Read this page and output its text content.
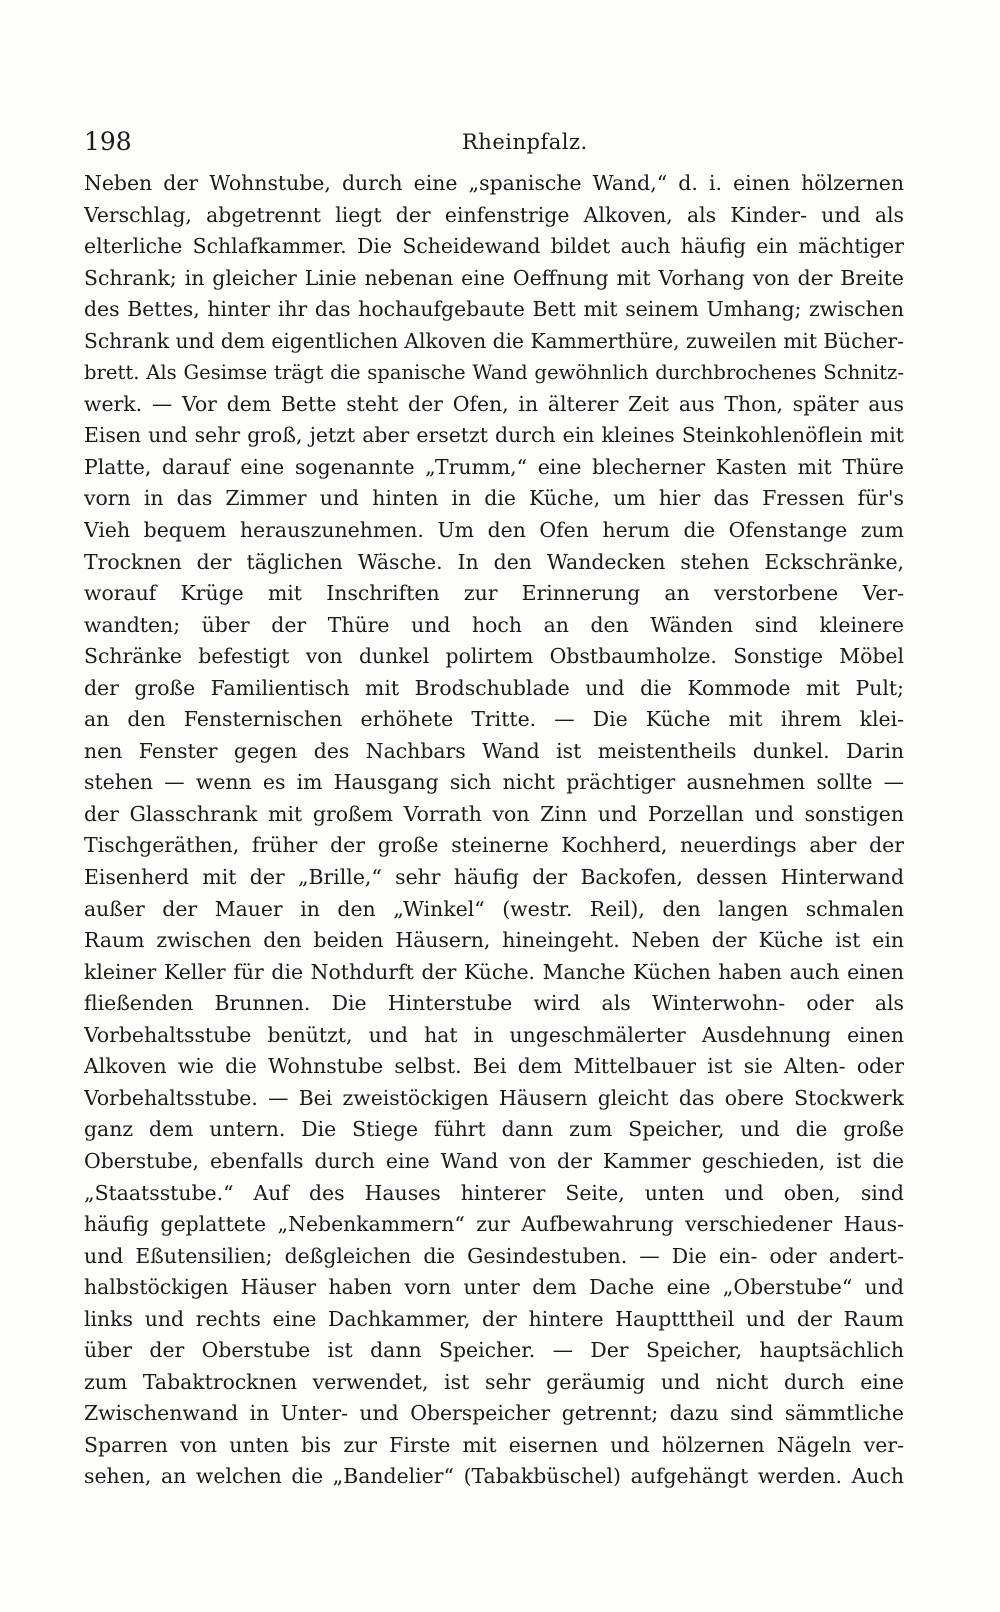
198	Rheinpfalz.
Neben der Wohnstube, durch eine „spanische Wand,“ d. i. einen hölzernen
Verschlag, abgetrennt liegt der einfenstrige Alkoven, als Kinder- und als
elterliche Schlafkammer. Die Scheidewand bildet auch häufig ein mächtiger
Schrank; in gleicher Linie nebenan eine Oeffnung mit Vorhang von der Breite
des Bettes, hinter ihr das hochaufgebaute Bett mit seinem Umhang; zwischen
Schrank und dem eigentlichen Alkoven die Kammerthüre, zuweilen mit Bücher-
brett. Als Gesimse trägt die spanische Wand gewöhnlich durchbrochenes Schnitz-
werk. — Vor dem Bette steht der Ofen, in älterer Zeit aus Thon, später aus
Eisen und sehr groß, jetzt aber ersetzt durch ein kleines Steinkohlenöflein mit
Platte, darauf eine sogenannte „Trumm,“ eine blecherner Kasten mit Thüre
vorn in das Zimmer und hinten in die Küche, um hier das Fressen für's
Vieh bequem herauszunehmen. Um den Ofen herum die Ofenstange zum
Trocknen der täglichen Wäsche. In den Wandecken stehen Eckschränke,
worauf Krüge mit Inschriften zur Erinnerung an verstorbene Ver-
wandten; über der Thüre und hoch an den Wänden sind kleinere
Schränke befestigt von dunkel polirtem Obstbaumholze. Sonstige Möbel
der große Familientisch mit Brodschublade und die Kommode mit Pult;
an den Fensternischen erhöhete Tritte. — Die Küche mit ihrem klei-
nen Fenster gegen des Nachbars Wand ist meistentheils dunkel. Darin
stehen — wenn es im Hausgang sich nicht prächtiger ausnehmen sollte —
der Glasschrank mit großem Vorrath von Zinn und Porzellan und sonstigen
Tischgeräthen, früher der große steinerne Kochherd, neuerdings aber der
Eisenherd mit der „Brille,“ sehr häufig der Backofen, dessen Hinterwand
außer der Mauer in den „Winkel“ (westr. Reil), den langen schmalen
Raum zwischen den beiden Häusern, hineingeht. Neben der Küche ist ein
kleiner Keller für die Nothdurft der Küche. Manche Küchen haben auch einen
fließenden Brunnen. Die Hinterstube wird als Winterwohn- oder als
Vorbehaltsstube benützt, und hat in ungeschmälerter Ausdehnung einen
Alkoven wie die Wohnstube selbst. Bei dem Mittelbauer ist sie Alten- oder
Vorbehaltsstube. — Bei zweistöckigen Häusern gleicht das obere Stockwerk
ganz dem untern. Die Stiege führt dann zum Speicher, und die große
Oberstube, ebenfalls durch eine Wand von der Kammer geschieden, ist die
„Staatsstube.“ Auf des Hauses hinterer Seite, unten und oben, sind
häufig geplattete „Nebenkammern“ zur Aufbewahrung verschiedener Haus-
und Eßutensilien; deßgleichen die Gesindestuben. — Die ein- oder andert-
halbstöckigen Häuser haben vorn unter dem Dache eine „Oberstube“ und
links und rechts eine Dachkammer, der hintere Hauptttheil und der Raum
über der Oberstube ist dann Speicher. — Der Speicher, hauptsächlich
zum Tabaktrocknen verwendet, ist sehr geräumig und nicht durch eine
Zwischenwand in Unter- und Oberspeicher getrennt; dazu sind sämmtliche
Sparren von unten bis zur Firste mit eisernen und hölzernen Nägeln ver-
sehen, an welchen die „Bandelier“ (Tabakbüschel) aufgehängt werden. Auch
